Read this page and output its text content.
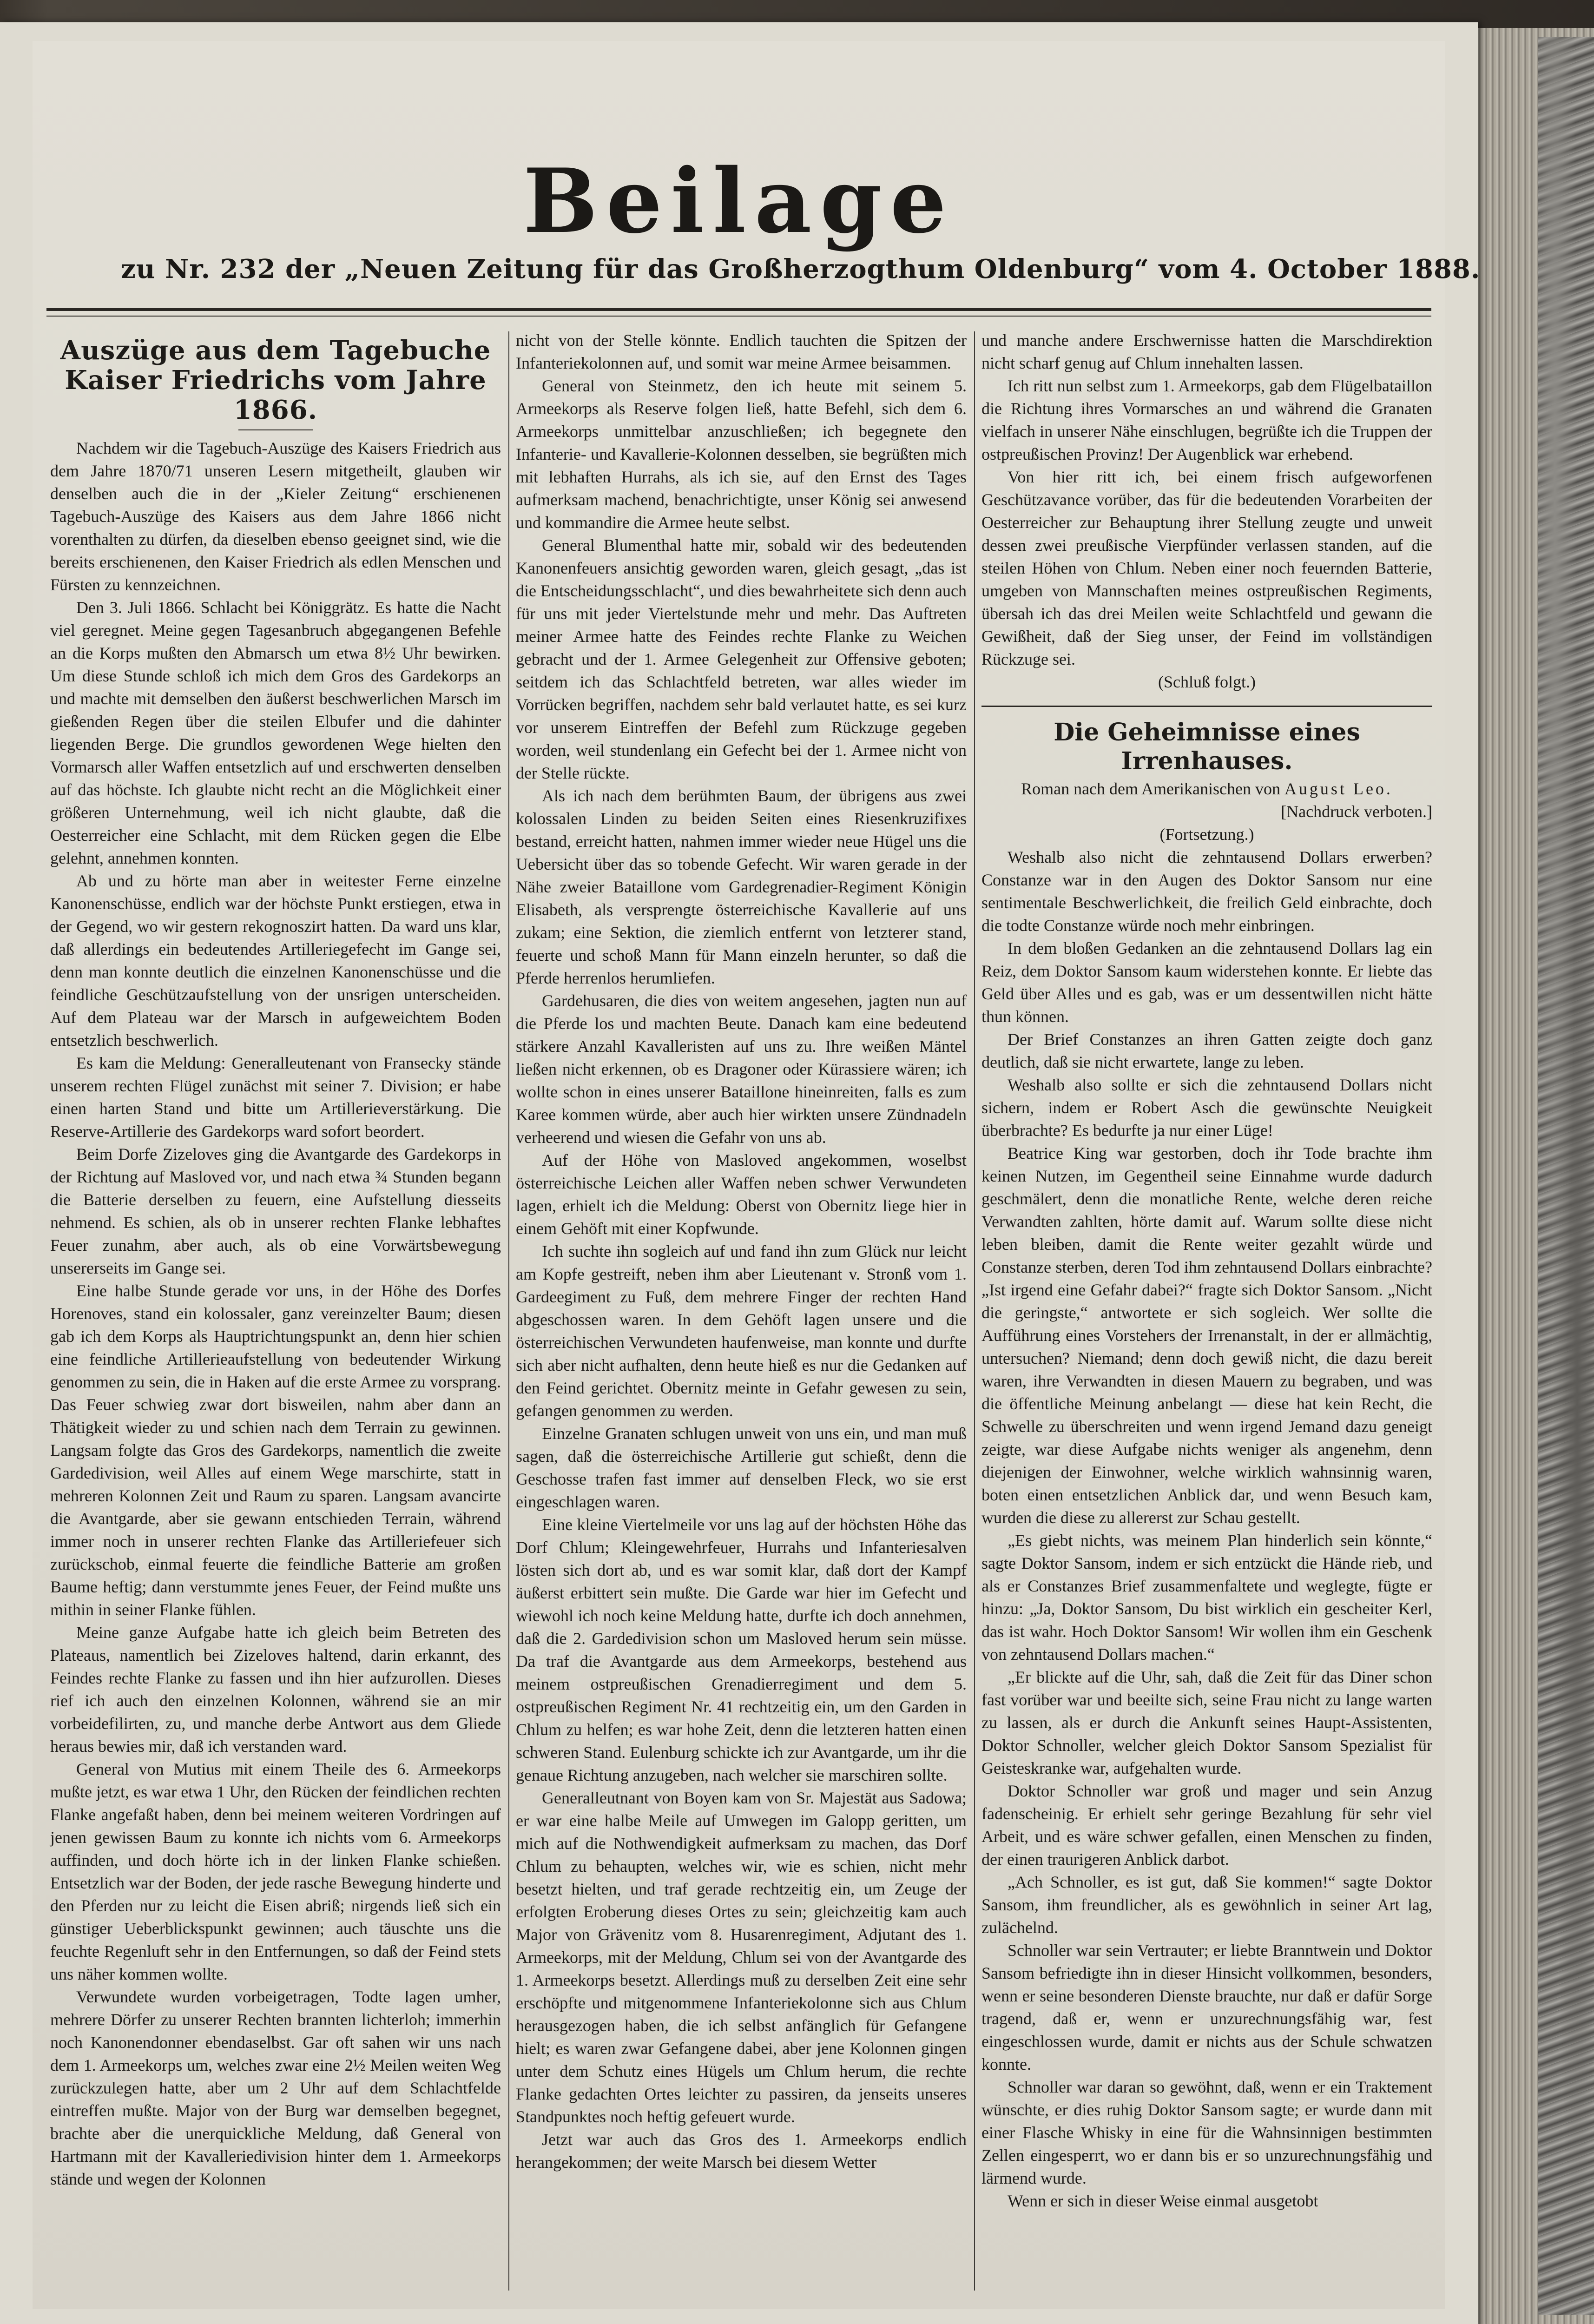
Beilage
zu Nr. 232 der „Neuen Zeitung für das Großherzogthum Oldenburg“ vom 4. October 1888.
Auszüge aus dem Tagebuche Kaiser Friedrichs vom Jahre 1866.

Nachdem wir die Tagebuch-Auszüge des Kaisers Friedrich aus dem Jahre 1870/71 unseren Lesern mitgetheilt, glauben wir denselben auch die in der „Kieler Zeitung“ erschienenen Tagebuch-Auszüge des Kaisers aus dem Jahre 1866 nicht vorenthalten zu dürfen, da dieselben ebenso geeignet sind, wie die bereits erschienenen, den Kaiser Friedrich als edlen Menschen und Fürsten zu kennzeichnen.

Den 3. Juli 1866. Schlacht bei Königgrätz. Es hatte die Nacht viel geregnet. Meine gegen Tagesanbruch abgegangenen Befehle an die Korps mußten den Abmarsch um etwa 8½ Uhr bewirken. Um diese Stunde schloß ich mich dem Gros des Gardekorps an und machte mit demselben den äußerst beschwerlichen Marsch im gießenden Regen über die steilen Elbufer und die dahinter liegenden Berge. Die grundlos gewordenen Wege hielten den Vormarsch aller Waffen entsetzlich auf und erschwerten denselben auf das höchste. Ich glaubte nicht recht an die Möglichkeit einer größeren Unternehmung, weil ich nicht glaubte, daß die Oesterreicher eine Schlacht, mit dem Rücken gegen die Elbe gelehnt, annehmen konnten.

Ab und zu hörte man aber in weitester Ferne einzelne Kanonenschüsse, endlich war der höchste Punkt erstiegen, etwa in der Gegend, wo wir gestern rekognoszirt hatten. Da ward uns klar, daß allerdings ein bedeutendes Artilleriegefecht im Gange sei, denn man konnte deutlich die einzelnen Kanonenschüsse und die feindliche Geschützaufstellung von der unsrigen unterscheiden. Auf dem Plateau war der Marsch in aufgeweichtem Boden entsetzlich beschwerlich.

Es kam die Meldung: Generalleutenant von Fransecky stände unserem rechten Flügel zunächst mit seiner 7. Division; er habe einen harten Stand und bitte um Artillerieverstärkung. Die Reserve-Artillerie des Gardekorps ward sofort beordert.

Beim Dorfe Zizeloves ging die Avantgarde des Gardekorps in der Richtung auf Masloved vor, und nach etwa ¾ Stunden begann die Batterie derselben zu feuern, eine Aufstellung diesseits nehmend. Es schien, als ob in unserer rechten Flanke lebhaftes Feuer zunahm, aber auch, als ob eine Vorwärtsbewegung unsererseits im Gange sei.

Eine halbe Stunde gerade vor uns, in der Höhe des Dorfes Horenoves, stand ein kolossaler, ganz vereinzelter Baum; diesen gab ich dem Korps als Hauptrichtungspunkt an, denn hier schien eine feindliche Artillerieaufstellung von bedeutender Wirkung genommen zu sein, die in Haken auf die erste Armee zu vorsprang. Das Feuer schwieg zwar dort bisweilen, nahm aber dann an Thätigkeit wieder zu und schien nach dem Terrain zu gewinnen. Langsam folgte das Gros des Gardekorps, namentlich die zweite Gardedivision, weil Alles auf einem Wege marschirte, statt in mehreren Kolonnen Zeit und Raum zu sparen. Langsam avancirte die Avantgarde, aber sie gewann entschieden Terrain, während immer noch in unserer rechten Flanke das Artilleriefeuer sich zurückschob, einmal feuerte die feindliche Batterie am großen Baume heftig; dann verstummte jenes Feuer, der Feind mußte uns mithin in seiner Flanke fühlen.

Meine ganze Aufgabe hatte ich gleich beim Betreten des Plateaus, namentlich bei Zizeloves haltend, darin erkannt, des Feindes rechte Flanke zu fassen und ihn hier aufzurollen. Dieses rief ich auch den einzelnen Kolonnen, während sie an mir vorbeidefilirten, zu, und manche derbe Antwort aus dem Gliede heraus bewies mir, daß ich verstanden ward.

General von Mutius mit einem Theile des 6. Armeekorps mußte jetzt, es war etwa 1 Uhr, den Rücken der feindlichen rechten Flanke angefaßt haben, denn bei meinem weiteren Vordringen auf jenen gewissen Baum zu konnte ich nichts vom 6. Armeekorps auffinden, und doch hörte ich in der linken Flanke schießen. Entsetzlich war der Boden, der jede rasche Bewegung hinderte und den Pferden nur zu leicht die Eisen abriß; nirgends ließ sich ein günstiger Ueberblickspunkt gewinnen; auch täuschte uns die feuchte Regenluft sehr in den Entfernungen, so daß der Feind stets uns näher kommen wollte.

Verwundete wurden vorbeigetragen, Todte lagen umher, mehrere Dörfer zu unserer Rechten brannten lichterloh; immerhin noch Kanonendonner ebendaselbst. Gar oft sahen wir uns nach dem 1. Armeekorps um, welches zwar eine 2½ Meilen weiten Weg zurückzulegen hatte, aber um 2 Uhr auf dem Schlachtfelde eintreffen mußte. Major von der Burg war demselben begegnet, brachte aber die unerquickliche Meldung, daß General von Hartmann mit der Kavalleriedivision hinter dem 1. Armeekorps stände und wegen der Kolonnen

nicht von der Stelle könnte. Endlich tauchten die Spitzen der Infanteriekolonnen auf, und somit war meine Armee beisammen.

General von Steinmetz, den ich heute mit seinem 5. Armeekorps als Reserve folgen ließ, hatte Befehl, sich dem 6. Armeekorps unmittelbar anzuschließen; ich begegnete den Infanterie- und Kavallerie-Kolonnen desselben, sie begrüßten mich mit lebhaften Hurrahs, als ich sie, auf den Ernst des Tages aufmerksam machend, benachrichtigte, unser König sei anwesend und kommandire die Armee heute selbst.

General Blumenthal hatte mir, sobald wir des bedeutenden Kanonenfeuers ansichtig geworden waren, gleich gesagt, „das ist die Entscheidungsschlacht“, und dies bewahrheitete sich denn auch für uns mit jeder Viertelstunde mehr und mehr. Das Auftreten meiner Armee hatte des Feindes rechte Flanke zu Weichen gebracht und der 1. Armee Gelegenheit zur Offensive geboten; seitdem ich das Schlachtfeld betreten, war alles wieder im Vorrücken begriffen, nachdem sehr bald verlautet hatte, es sei kurz vor unserem Eintreffen der Befehl zum Rückzuge gegeben worden, weil stundenlang ein Gefecht bei der 1. Armee nicht von der Stelle rückte.

Als ich nach dem berühmten Baum, der übrigens aus zwei kolossalen Linden zu beiden Seiten eines Riesenkruzifixes bestand, erreicht hatten, nahmen immer wieder neue Hügel uns die Uebersicht über das so tobende Gefecht. Wir waren gerade in der Nähe zweier Bataillone vom Gardegrenadier-Regiment Königin Elisabeth, als versprengte österreichische Kavallerie auf uns zukam; eine Sektion, die ziemlich entfernt von letzterer stand, feuerte und schoß Mann für Mann einzeln herunter, so daß die Pferde herrenlos herumliefen.

Gardehusaren, die dies von weitem angesehen, jagten nun auf die Pferde los und machten Beute. Danach kam eine bedeutend stärkere Anzahl Kavalleristen auf uns zu. Ihre weißen Mäntel ließen nicht erkennen, ob es Dragoner oder Kürassiere wären; ich wollte schon in eines unserer Bataillone hineinreiten, falls es zum Karee kommen würde, aber auch hier wirkten unsere Zündnadeln verheerend und wiesen die Gefahr von uns ab.

Auf der Höhe von Masloved angekommen, woselbst österreichische Leichen aller Waffen neben schwer Verwundeten lagen, erhielt ich die Meldung: Oberst von Obernitz liege hier in einem Gehöft mit einer Kopfwunde.

Ich suchte ihn sogleich auf und fand ihn zum Glück nur leicht am Kopfe gestreift, neben ihm aber Lieutenant v. Stronß vom 1. Gardeegiment zu Fuß, dem mehrere Finger der rechten Hand abgeschossen waren. In dem Gehöft lagen unsere und die österreichischen Verwundeten haufenweise, man konnte und durfte sich aber nicht aufhalten, denn heute hieß es nur die Gedanken auf den Feind gerichtet. Obernitz meinte in Gefahr gewesen zu sein, gefangen genommen zu werden.

Einzelne Granaten schlugen unweit von uns ein, und man muß sagen, daß die österreichische Artillerie gut schießt, denn die Geschosse trafen fast immer auf denselben Fleck, wo sie erst eingeschlagen waren.

Eine kleine Viertelmeile vor uns lag auf der höchsten Höhe das Dorf Chlum; Kleingewehrfeuer, Hurrahs und Infanteriesalven lösten sich dort ab, und es war somit klar, daß dort der Kampf äußerst erbittert sein mußte. Die Garde war hier im Gefecht und wiewohl ich noch keine Meldung hatte, durfte ich doch annehmen, daß die 2. Gardedivision schon um Masloved herum sein müsse. Da traf die Avantgarde aus dem Armeekorps, bestehend aus meinem ostpreußischen Grenadierregiment und dem 5. ostpreußischen Regiment Nr. 41 rechtzeitig ein, um den Garden in Chlum zu helfen; es war hohe Zeit, denn die letzteren hatten einen schweren Stand. Eulenburg schickte ich zur Avantgarde, um ihr die genaue Richtung anzugeben, nach welcher sie marschiren sollte.

Generalleutnant von Boyen kam von Sr. Majestät aus Sadowa; er war eine halbe Meile auf Umwegen im Galopp geritten, um mich auf die Nothwendigkeit aufmerksam zu machen, das Dorf Chlum zu behaupten, welches wir, wie es schien, nicht mehr besetzt hielten, und traf gerade rechtzeitig ein, um Zeuge der erfolgten Eroberung dieses Ortes zu sein; gleichzeitig kam auch Major von Grävenitz vom 8. Husarenregiment, Adjutant des 1. Armeekorps, mit der Meldung, Chlum sei von der Avantgarde des 1. Armeekorps besetzt. Allerdings muß zu derselben Zeit eine sehr erschöpfte und mitgenommene Infanteriekolonne sich aus Chlum herausgezogen haben, die ich selbst anfänglich für Gefangene hielt; es waren zwar Gefangene dabei, aber jene Kolonnen gingen unter dem Schutz eines Hügels um Chlum herum, die rechte Flanke gedachten Ortes leichter zu passiren, da jenseits unseres Standpunktes noch heftig gefeuert wurde.

Jetzt war auch das Gros des 1. Armeekorps endlich herangekommen; der weite Marsch bei diesem Wetter

und manche andere Erschwernisse hatten die Marschdirektion nicht scharf genug auf Chlum innehalten lassen.

Ich ritt nun selbst zum 1. Armeekorps, gab dem Flügelbataillon die Richtung ihres Vormarsches an und während die Granaten vielfach in unserer Nähe einschlugen, begrüßte ich die Truppen der ostpreußischen Provinz! Der Augenblick war erhebend.

Von hier ritt ich, bei einem frisch aufgeworfenen Geschützavance vorüber, das für die bedeutenden Vorarbeiten der Oesterreicher zur Behauptung ihrer Stellung zeugte und unweit dessen zwei preußische Vierpfünder verlassen standen, auf die steilen Höhen von Chlum. Neben einer noch feuernden Batterie, umgeben von Mannschaften meines ostpreußischen Regiments, übersah ich das drei Meilen weite Schlachtfeld und gewann die Gewißheit, daß der Sieg unser, der Feind im vollständigen Rückzuge sei.

(Schluß folgt.)

Die Geheimnisse eines Irrenhauses.

Roman nach dem Amerikanischen von August Leo.

[Nachdruck verboten.]

(Fortsetzung.)

Weshalb also nicht die zehntausend Dollars erwerben? Constanze war in den Augen des Doktor Sansom nur eine sentimentale Beschwerlichkeit, die freilich Geld einbrachte, doch die todte Constanze würde noch mehr einbringen.

In dem bloßen Gedanken an die zehntausend Dollars lag ein Reiz, dem Doktor Sansom kaum widerstehen konnte. Er liebte das Geld über Alles und es gab, was er um dessentwillen nicht hätte thun können.

Der Brief Constanzes an ihren Gatten zeigte doch ganz deutlich, daß sie nicht erwartete, lange zu leben.

Weshalb also sollte er sich die zehntausend Dollars nicht sichern, indem er Robert Asch die gewünschte Neuigkeit überbrachte? Es bedurfte ja nur einer Lüge!

Beatrice King war gestorben, doch ihr Tode brachte ihm keinen Nutzen, im Gegentheil seine Einnahme wurde dadurch geschmälert, denn die monatliche Rente, welche deren reiche Verwandten zahlten, hörte damit auf. Warum sollte diese nicht leben bleiben, damit die Rente weiter gezahlt würde und Constanze sterben, deren Tod ihm zehntausend Dollars einbrachte? „Ist irgend eine Gefahr dabei?“ fragte sich Doktor Sansom. „Nicht die geringste,“ antwortete er sich sogleich. Wer sollte die Aufführung eines Vorstehers der Irrenanstalt, in der er allmächtig, untersuchen? Niemand; denn doch gewiß nicht, die dazu bereit waren, ihre Verwandten in diesen Mauern zu begraben, und was die öffentliche Meinung anbelangt — diese hat kein Recht, die Schwelle zu überschreiten und wenn irgend Jemand dazu geneigt zeigte, war diese Aufgabe nichts weniger als angenehm, denn diejenigen der Einwohner, welche wirklich wahnsinnig waren, boten einen entsetzlichen Anblick dar, und wenn Besuch kam, wurden die diese zu allererst zur Schau gestellt.

„Es giebt nichts, was meinem Plan hinderlich sein könnte,“ sagte Doktor Sansom, indem er sich entzückt die Hände rieb, und als er Constanzes Brief zusammenfaltete und weglegte, fügte er hinzu: „Ja, Doktor Sansom, Du bist wirklich ein gescheiter Kerl, das ist wahr. Hoch Doktor Sansom! Wir wollen ihm ein Geschenk von zehntausend Dollars machen.“

„Er blickte auf die Uhr, sah, daß die Zeit für das Diner schon fast vorüber war und beeilte sich, seine Frau nicht zu lange warten zu lassen, als er durch die Ankunft seines Haupt-Assistenten, Doktor Schnoller, welcher gleich Doktor Sansom Spezialist für Geisteskranke war, aufgehalten wurde.

Doktor Schnoller war groß und mager und sein Anzug fadenscheinig. Er erhielt sehr geringe Bezahlung für sehr viel Arbeit, und es wäre schwer gefallen, einen Menschen zu finden, der einen traurigeren Anblick darbot.

„Ach Schnoller, es ist gut, daß Sie kommen!“ sagte Doktor Sansom, ihm freundlicher, als es gewöhnlich in seiner Art lag, zulächelnd.

Schnoller war sein Vertrauter; er liebte Branntwein und Doktor Sansom befriedigte ihn in dieser Hinsicht vollkommen, besonders, wenn er seine besonderen Dienste brauchte, nur daß er dafür Sorge tragend, daß er, wenn er unzurechnungsfähig war, fest eingeschlossen wurde, damit er nichts aus der Schule schwatzen konnte.

Schnoller war daran so gewöhnt, daß, wenn er ein Traktement wünschte, er dies ruhig Doktor Sansom sagte; er wurde dann mit einer Flasche Whisky in eine für die Wahnsinnigen bestimmten Zellen eingesperrt, wo er dann bis er so unzurechnungsfähig und lärmend wurde.

Wenn er sich in dieser Weise einmal ausgetobt
